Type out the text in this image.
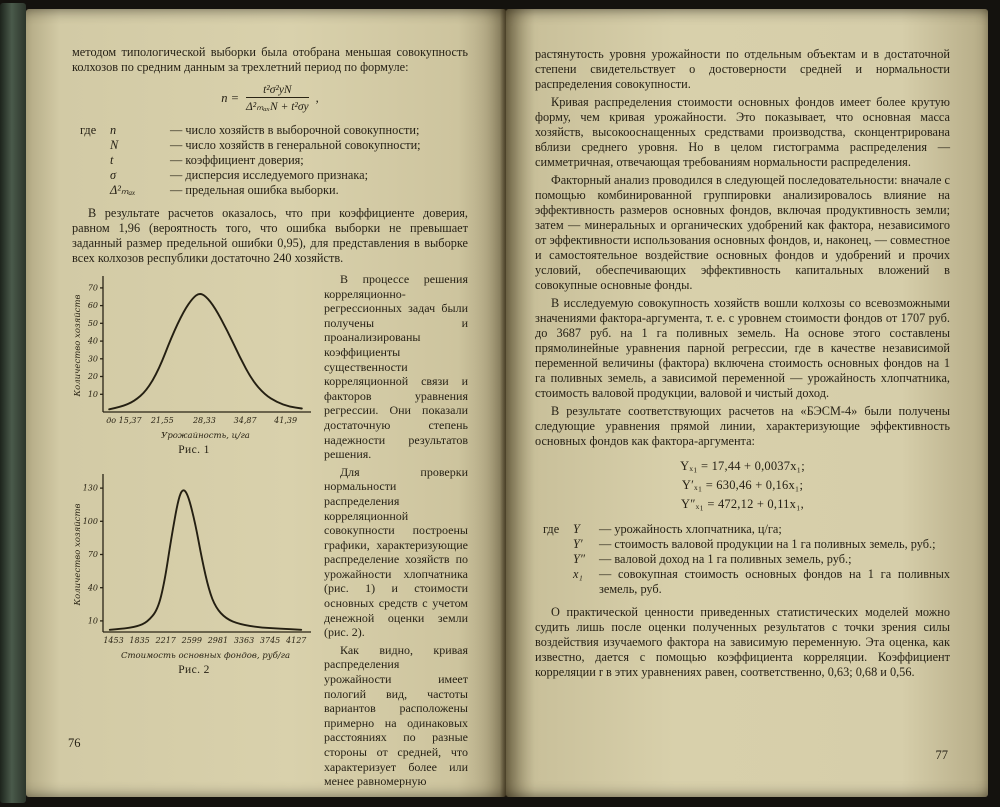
методом типологической выборки была отобрана меньшая совокупность колхозов по средним данным за трехлетний период по формуле:

$n = \frac{\text{t²σ²yN}}{\text{Δ²ₘₐₓN + t²σy}}$ ,
где	n	— число хозяйств в выборочной совокупности;
N	— число хозяйств в генеральной совокупности;
t	— коэффициент доверия;
σ	— дисперсия исследуемого признака;
Δ²ₘₐₓ	— предельная ошибка выборки.

В результате расчетов оказалось, что при коэффициенте доверия, равном 1,96 (вероятность того, что ошибка выборки не превышает заданный размер предельной ошибки 0,95), для представления в выборке всех колхозов республики достаточно 240 хозяйств.

10
20
30
40
50
60
70
до 15,37 21,55 28,33 34,87 41,39
Урожайность, ц/га
Количество хозяйств
Рис. 1
10
40
70
100
130
1453 1835 2217 2599 2981 3363 3745 4127
Стоимость основных фондов, руб/га
Количество хозяйств
Рис. 2

В процессе решения корреляционно-регрессионных задач были получены и проанализированы коэффициенты существенности корреляционной связи и факторов уравнения регрессии. Они показали достаточную степень надежности результатов решения.

Для проверки нормальности распределения корреляционной совокупности построены графики, характеризующие распределение хозяйств по урожайности хлопчатника (рис. 1) и стоимости основных средств с учетом денежной оценки земли (рис. 2).

Как видно, кривая распределения урожайности имеет пологий вид, частоты вариантов расположены примерно на одинаковых расстояниях по разные стороны от средней, что характеризует более или менее равномерную

76

растянутость уровня урожайности по отдельным объектам и в достаточной степени свидетельствует о достоверности средней и нормальности распределения совокупности.

Кривая распределения стоимости основных фондов имеет более крутую форму, чем кривая урожайности. Это показывает, что основная масса хозяйств, высокооснащенных средствами производства, сконцентрирована вблизи среднего уровня. Но в целом гистограмма распределения — симметричная, отвечающая требованиям нормальности распределения.

Факторный анализ проводился в следующей последовательности: вначале с помощью комбинированной группировки анализировалось влияние на эффективность размеров основных фондов, включая продуктивность земли; затем — минеральных и органических удобрений как фактора, независимого от эффективности использования основных фондов, и, наконец, — совместное и самостоятельное воздействие основных фондов и удобрений и прочих условий, обеспечивающих эффективность капитальных вложений в совокупные основные фонды.

В исследуемую совокупность хозяйств вошли колхозы со всевозможными значениями фактора-аргумента, т. е. с уровнем стоимости фондов от 1707 руб. до 3687 руб. на 1 га поливных земель. На основе этого составлены прямолинейные уравнения парной регрессии, где в качестве независимой переменной величины (фактора) включена стоимость основных фондов на 1 га поливных земель, а зависимой переменной — урожайность хлопчатника, стоимость валовой продукции, валовой и чистый доход.

В результате соответствующих расчетов на «БЭСМ-4» были получены следующие уравнения прямой линии, характеризующие эффективность основных фондов как фактора-аргумента:

Yₓ₁ = 17,44 + 0,0037x₁;
Y′ₓ₁ = 630,46 + 0,16x₁;
Y″ₓ₁ = 472,12 + 0,11x₁,
где	Y	— урожайность хлопчатника, ц/га;
Y′	— стоимость валовой продукции на 1 га поливных земель, руб.;
Y″	— валовой доход на 1 га поливных земель, руб.;
x₁	— совокупная стоимость основных фондов на 1 га поливных земель, руб.

О практической ценности приведенных статистических моделей можно судить лишь после оценки полученных результатов с точки зрения силы воздействия изучаемого фактора на зависимую переменную. Эта оценка, как известно, дается с помощью коэффициента корреляции. Коэффициент корреляции r в этих уравнениях равен, соответственно, 0,63; 0,68 и 0,56.

77
